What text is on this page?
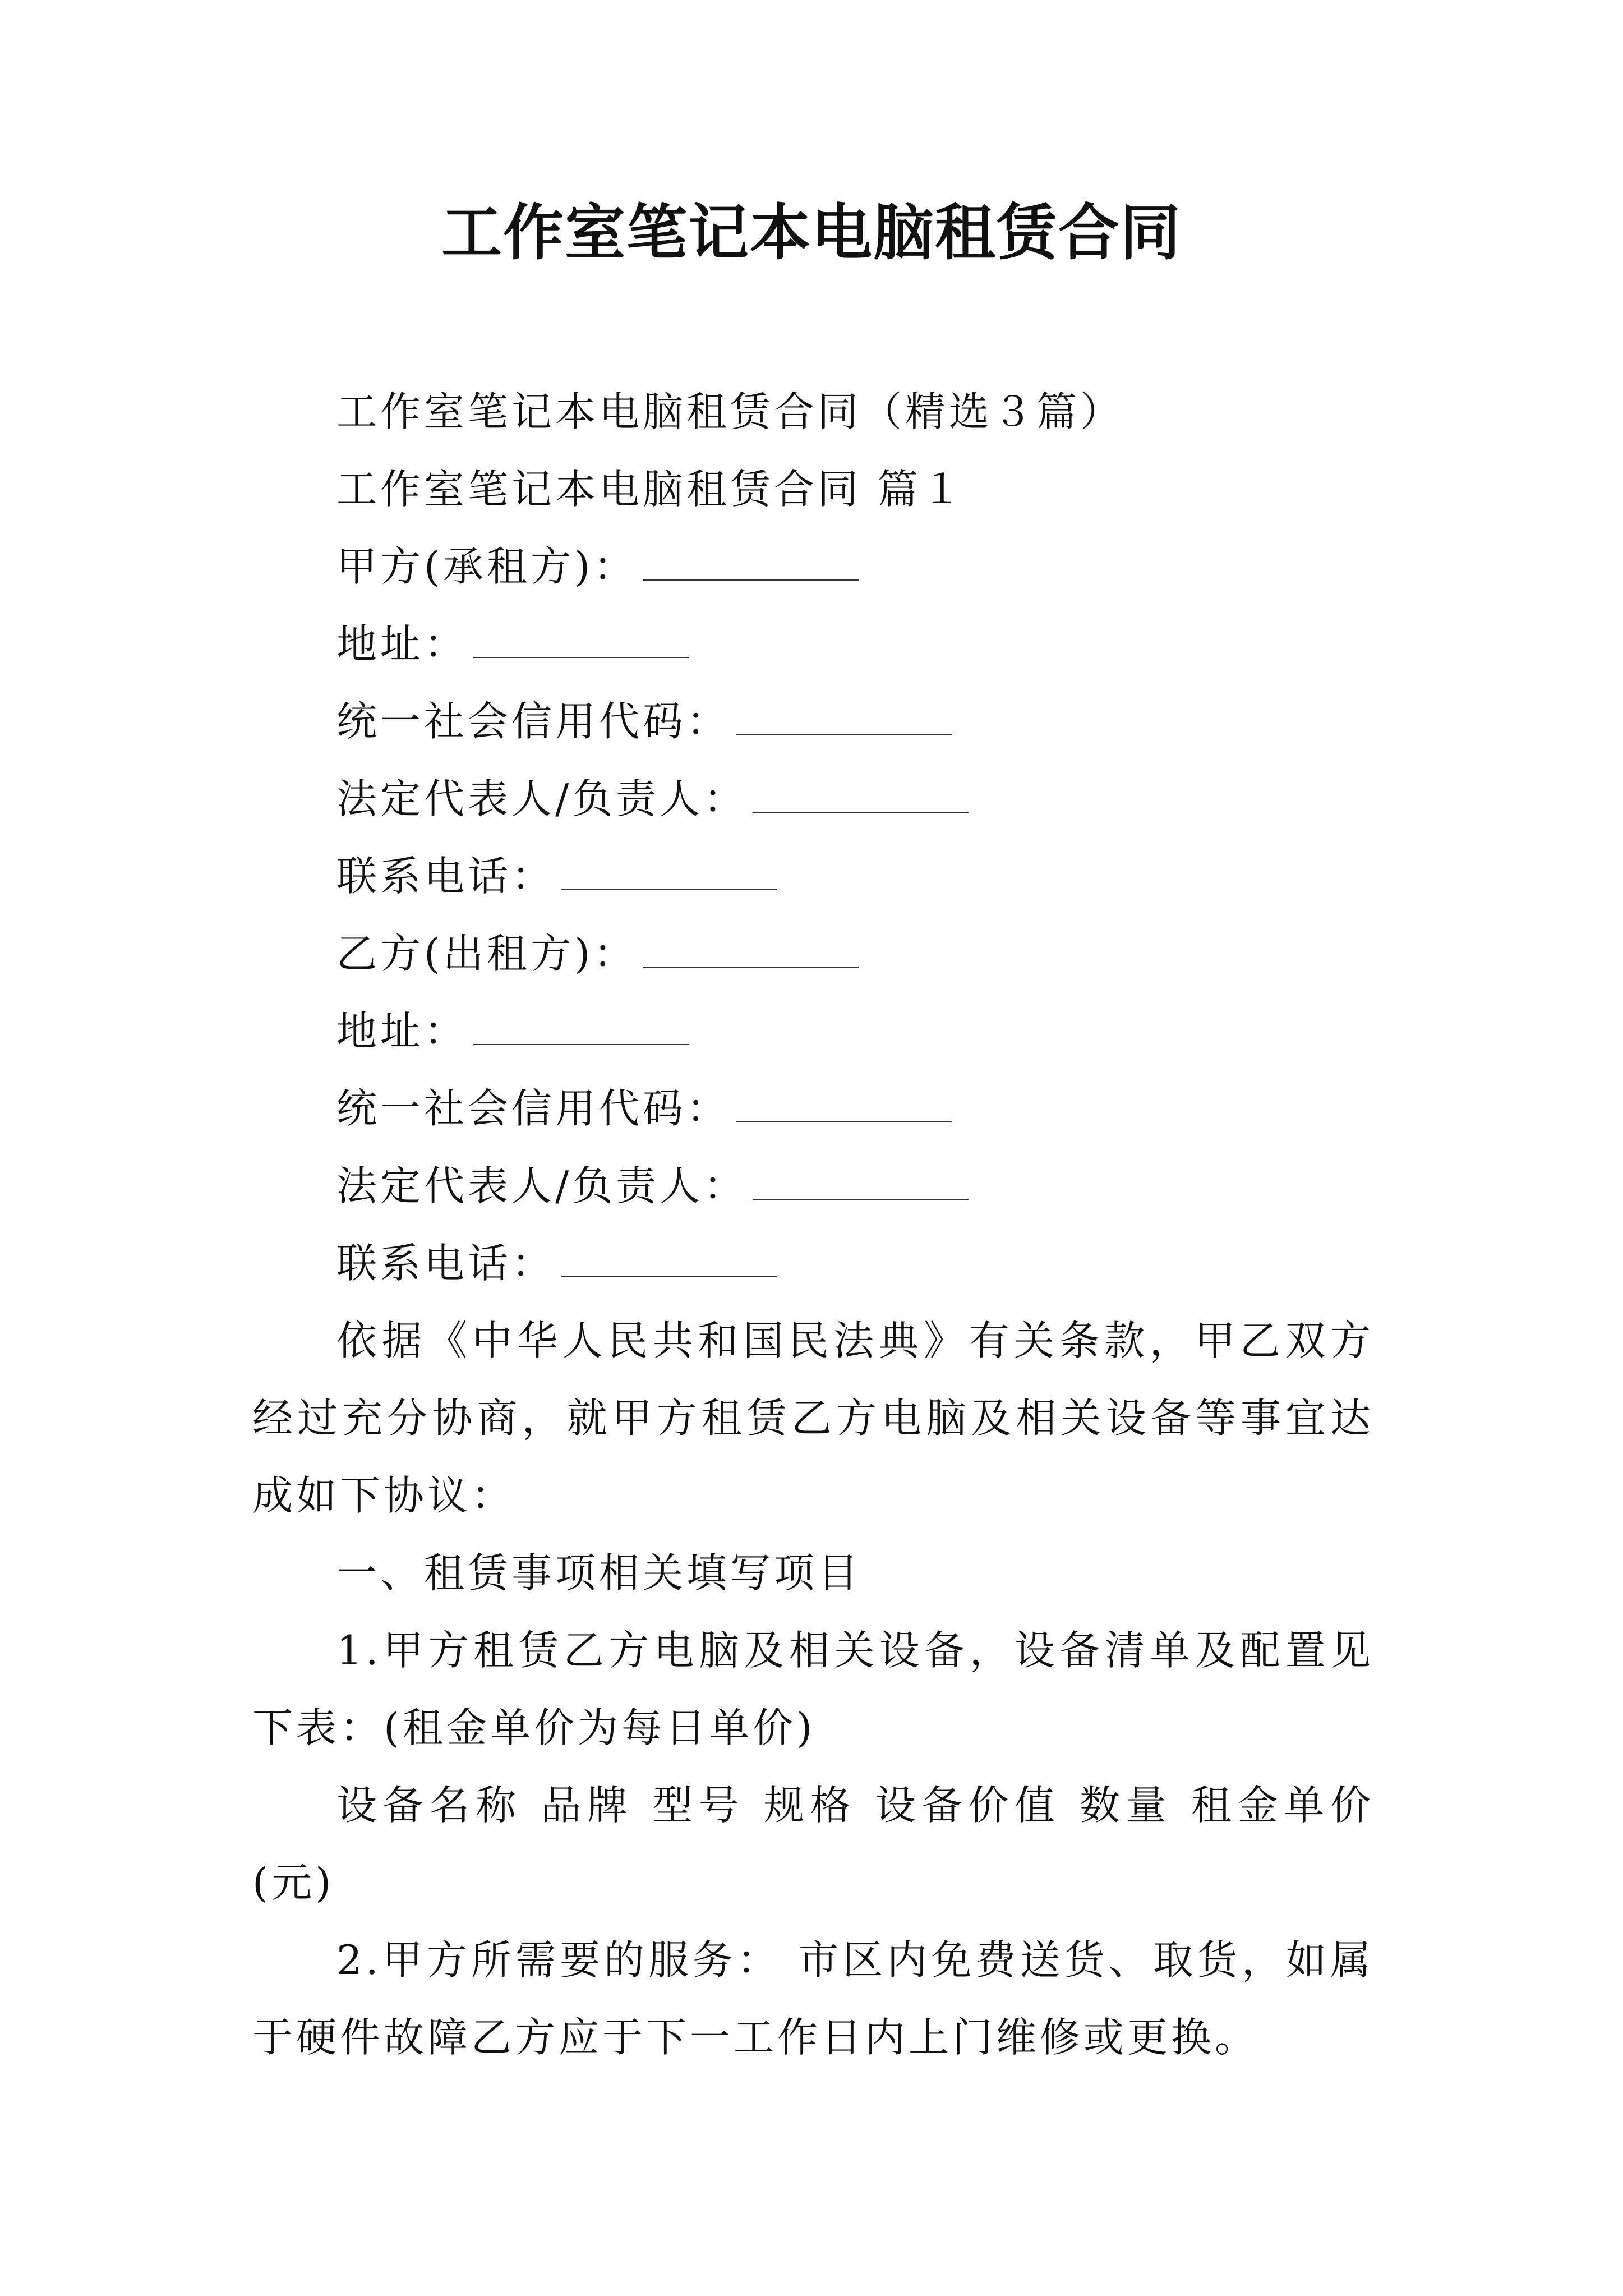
工作室笔记本电脑租赁合同
工作室笔记本电脑租赁合同（精选３篇）
工作室笔记本电脑租赁合同 篇１
甲方(承租方)：
地址：
统一社会信用代码：
法定代表人/负责人：
联系电话：
乙方(出租方)：
地址：
统一社会信用代码：
法定代表人/负责人：
联系电话：
依据《中华人民共和国民法典》有关条款，甲乙双方经过充分协商，就甲方租赁乙方电脑及相关设备等事宜达成如下协议：
一、租赁事项相关填写项目
1.甲方租赁乙方电脑及相关设备，设备清单及配置见下表：(租金单价为每日单价)
设备名称 品牌 型号 规格 设备价值 数量 租金单价(元)
2.甲方所需要的服务： 市区内免费送货、取货，如属于硬件故障乙方应于下一工作日内上门维修或更换。
